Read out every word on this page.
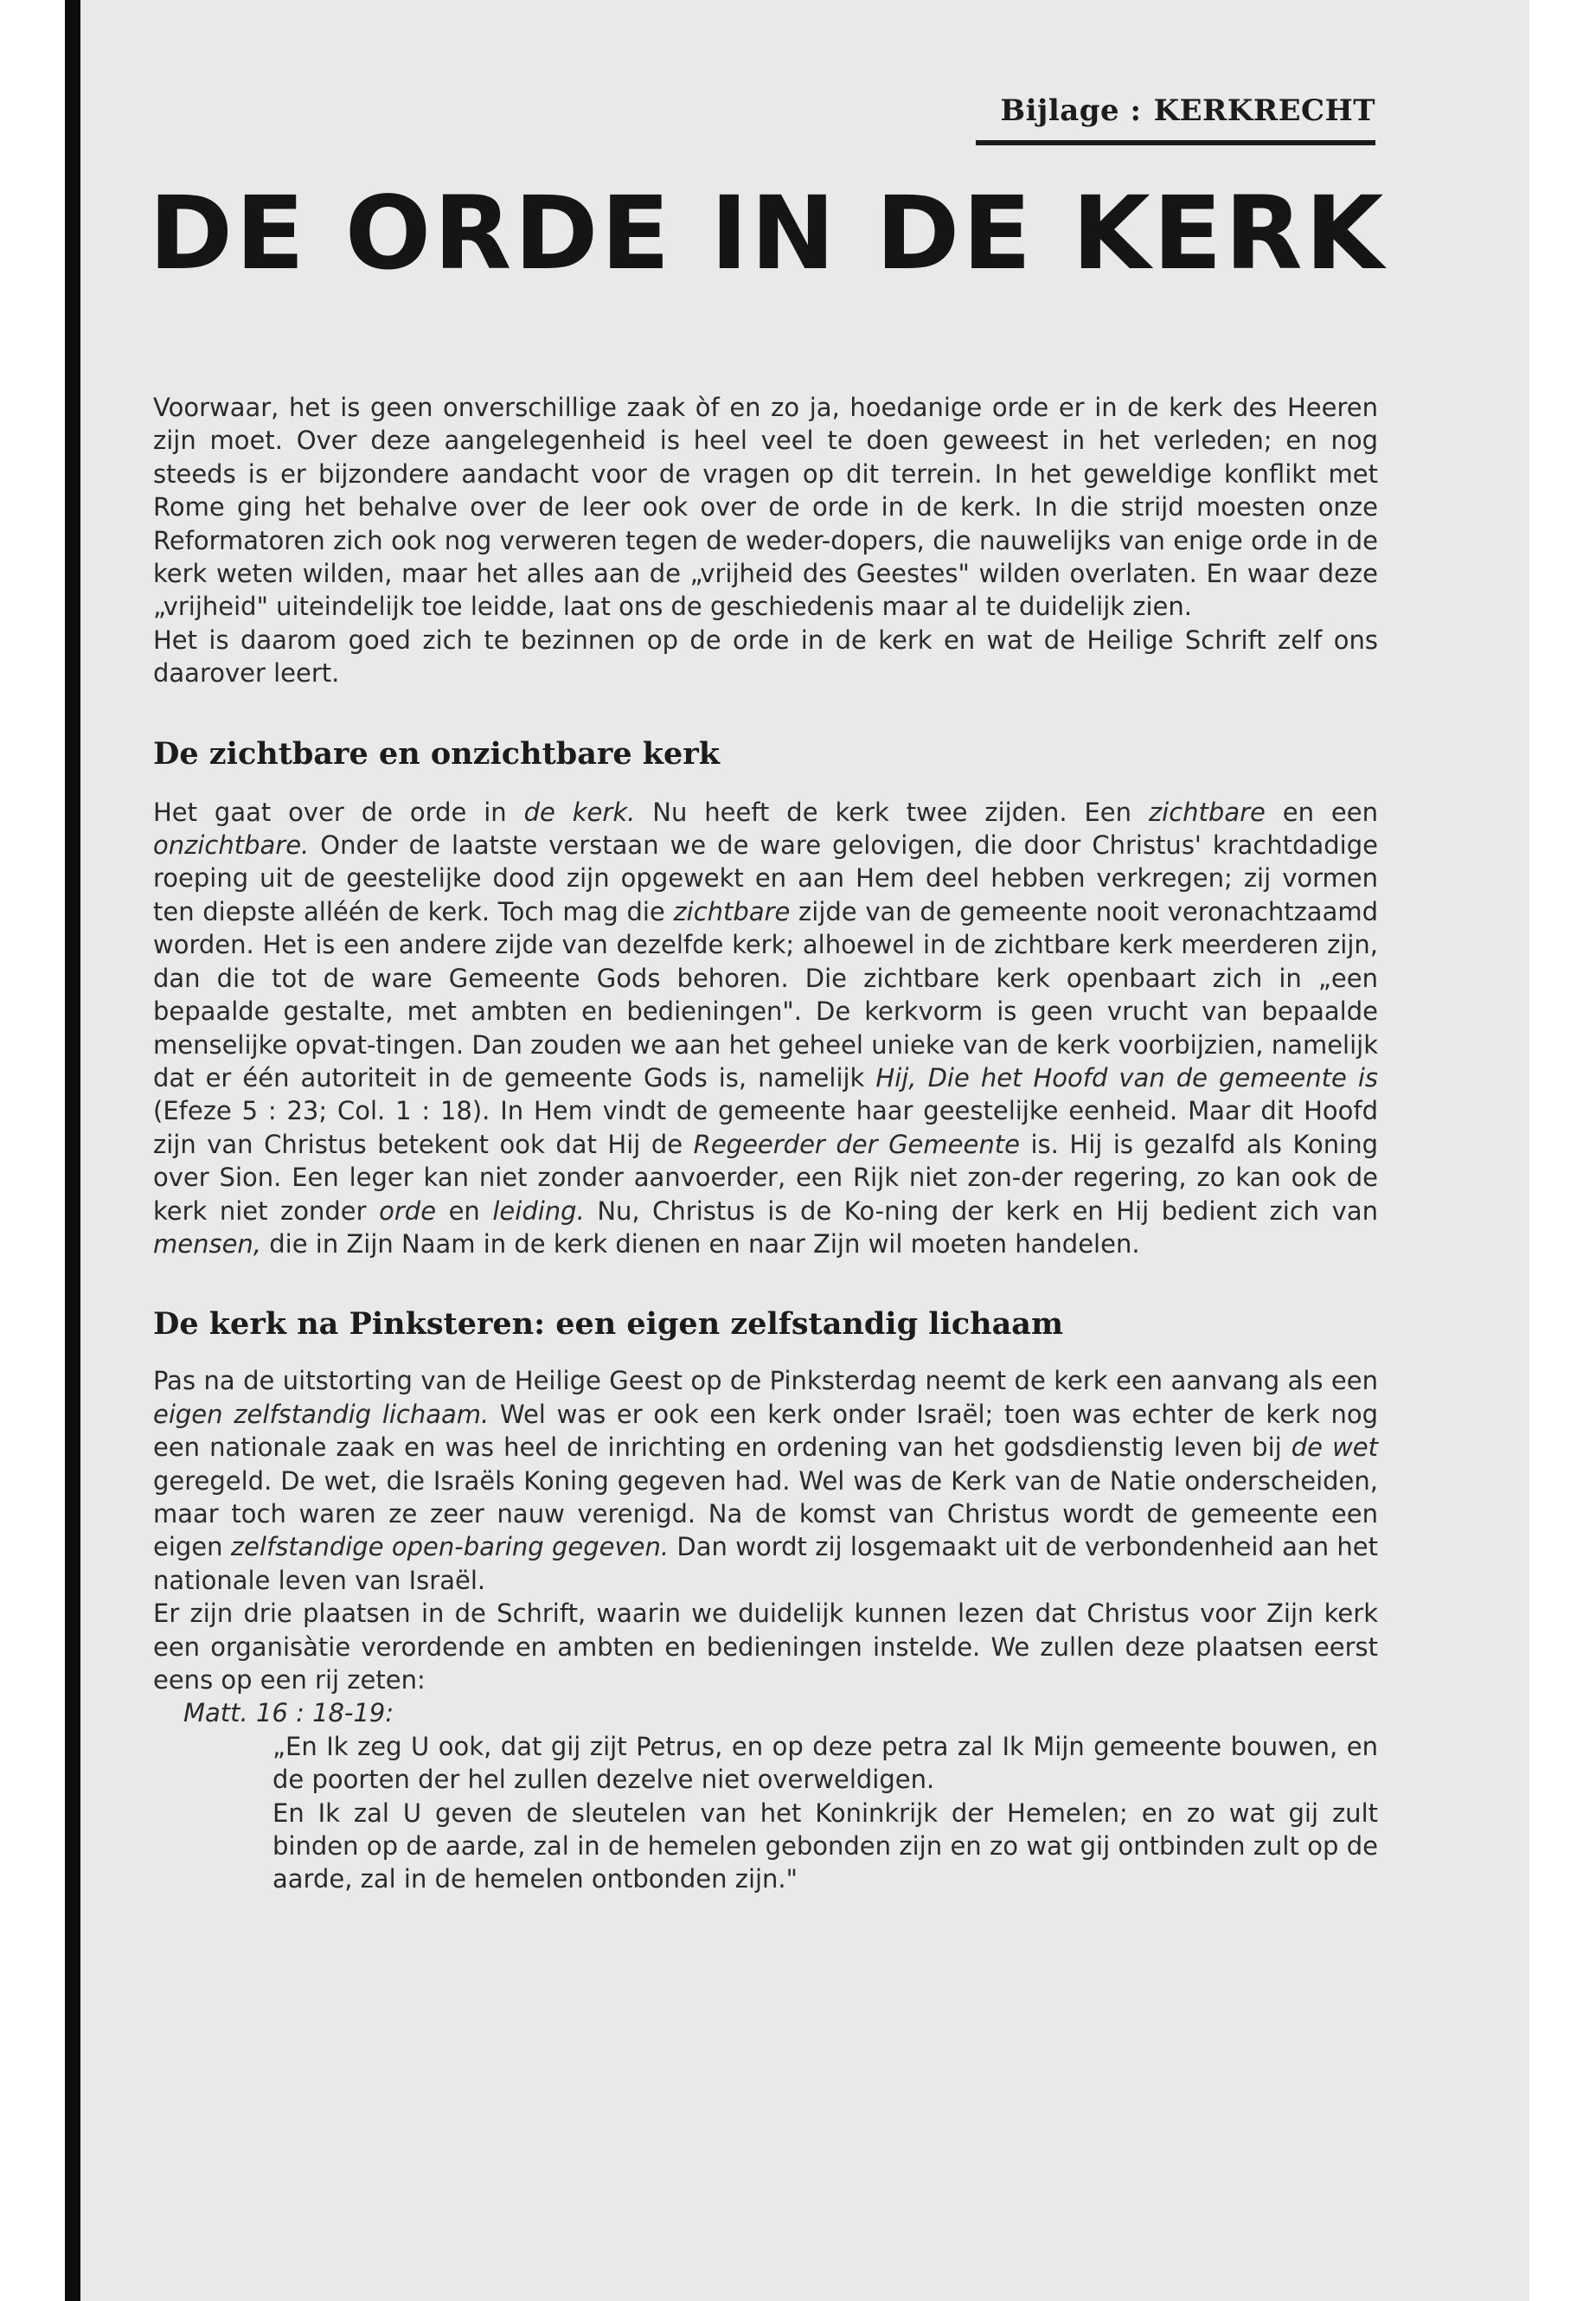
Bijlage : KERKRECHT
DE ORDE IN DE KERK

Voorwaar, het is geen onverschillige zaak òf en zo ja, hoedanige orde er in de kerk des Heeren zijn moet. Over deze aangelegenheid is heel veel te doen geweest in het verleden; en nog steeds is er bijzondere aandacht voor de vragen op dit terrein. In het geweldige konflikt met Rome ging het behalve over de leer ook over de orde in de kerk. In die strijd moesten onze Reformatoren zich ook nog verweren tegen de weder-dopers, die nauwelijks van enige orde in de kerk weten wilden, maar het alles aan de „vrijheid des Geestes" wilden overlaten. En waar deze „vrijheid" uiteindelijk toe leidde, laat ons de geschiedenis maar al te duidelijk zien.

Het is daarom goed zich te bezinnen op de orde in de kerk en wat de Heilige Schrift zelf ons daarover leert.

De zichtbare en onzichtbare kerk

Het gaat over de orde in de kerk. Nu heeft de kerk twee zijden. Een zichtbare en een onzichtbare. Onder de laatste verstaan we de ware gelovigen, die door Christus' krachtdadige roeping uit de geestelijke dood zijn opgewekt en aan Hem deel hebben verkregen; zij vormen ten diepste alléén de kerk. Toch mag die zichtbare zijde van de gemeente nooit veronachtzaamd worden. Het is een andere zijde van dezelfde kerk; alhoewel in de zichtbare kerk meerderen zijn, dan die tot de ware Gemeente Gods behoren. Die zichtbare kerk openbaart zich in „een bepaalde gestalte, met ambten en bedieningen". De kerkvorm is geen vrucht van bepaalde menselijke opvat-tingen. Dan zouden we aan het geheel unieke van de kerk voorbijzien, namelijk dat er één autoriteit in de gemeente Gods is, namelijk Hij, Die het Hoofd van de gemeente is (Efeze 5 : 23; Col. 1 : 18). In Hem vindt de gemeente haar geestelijke eenheid. Maar dit Hoofd zijn van Christus betekent ook dat Hij de Regeerder der Gemeente is. Hij is gezalfd als Koning over Sion. Een leger kan niet zonder aanvoerder, een Rijk niet zon-der regering, zo kan ook de kerk niet zonder orde en leiding. Nu, Christus is de Ko-ning der kerk en Hij bedient zich van mensen, die in Zijn Naam in de kerk dienen en naar Zijn wil moeten handelen.

De kerk na Pinksteren: een eigen zelfstandig lichaam

Pas na de uitstorting van de Heilige Geest op de Pinksterdag neemt de kerk een aanvang als een eigen zelfstandig lichaam. Wel was er ook een kerk onder Israël; toen was echter de kerk nog een nationale zaak en was heel de inrichting en ordening van het godsdienstig leven bij de wet geregeld. De wet, die Israëls Koning gegeven had. Wel was de Kerk van de Natie onderscheiden, maar toch waren ze zeer nauw verenigd. Na de komst van Christus wordt de gemeente een eigen zelfstandige open-baring gegeven. Dan wordt zij losgemaakt uit de verbondenheid aan het nationale leven van Israël.

Er zijn drie plaatsen in de Schrift, waarin we duidelijk kunnen lezen dat Christus voor Zijn kerk een organisàtie verordende en ambten en bedieningen instelde. We zullen deze plaatsen eerst eens op een rij zeten:

Matt. 16 : 18-19:

„En Ik zeg U ook, dat gij zijt Petrus, en op deze petra zal Ik Mijn gemeente bouwen, en de poorten der hel zullen dezelve niet overweldigen.

En Ik zal U geven de sleutelen van het Koninkrijk der Hemelen; en zo wat gij zult binden op de aarde, zal in de hemelen gebonden zijn en zo wat gij ontbinden zult op de aarde, zal in de hemelen ontbonden zijn."
